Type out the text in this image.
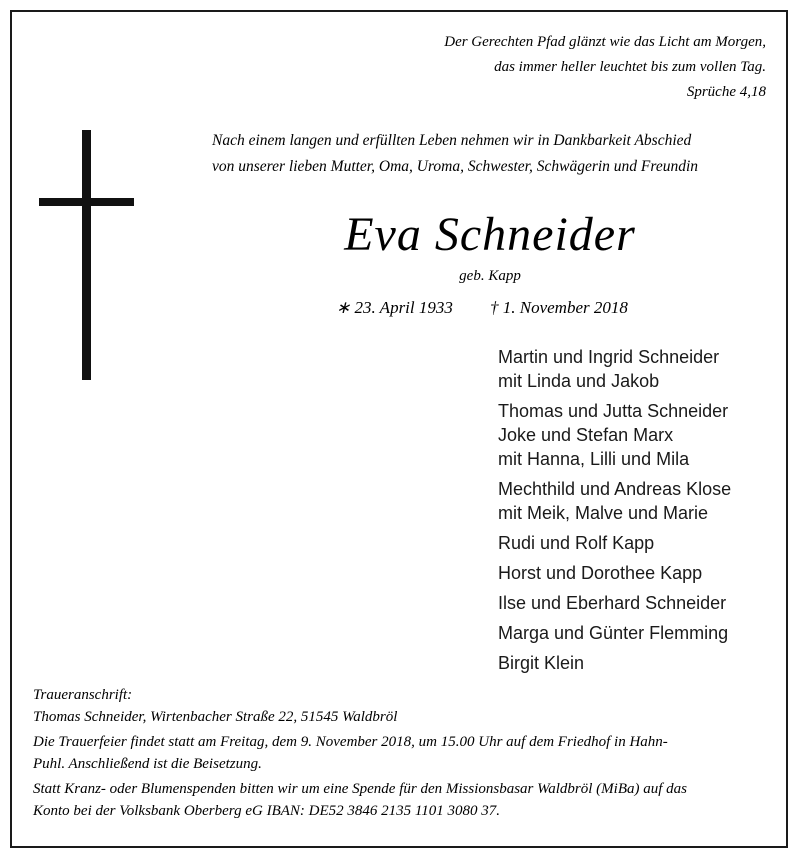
Der Gerechten Pfad glänzt wie das Licht am Morgen,
das immer heller leuchtet bis zum vollen Tag.
Sprüche 4,18
Nach einem langen und erfüllten Leben nehmen wir in Dankbarkeit Abschied
von unserer lieben Mutter, Oma, Uroma, Schwester, Schwägerin und Freundin
Eva Schneider
geb. Kapp
∗ 23. April 1933 † 1. November 2018
Martin und Ingrid Schneider
mit Linda und Jakob
Thomas und Jutta Schneider
Joke und Stefan Marx
mit Hanna, Lilli und Mila
Mechthild und Andreas Klose
mit Meik, Malve und Marie
Rudi und Rolf Kapp
Horst und Dorothee Kapp
Ilse und Eberhard Schneider
Marga und Günter Flemming
Birgit Klein

Traueranschrift:
Thomas Schneider, Wirtenbacher Straße 22, 51545 Waldbröl

Die Trauerfeier findet statt am Freitag, dem 9. November 2018, um 15.00 Uhr auf dem Friedhof in Hahn-
Puhl. Anschließend ist die Beisetzung.

Statt Kranz- oder Blumenspenden bitten wir um eine Spende für den Missionsbasar Waldbröl (MiBa) auf das
Konto bei der Volksbank Oberberg eG IBAN: DE52 3846 2135 1101 3080 37.
